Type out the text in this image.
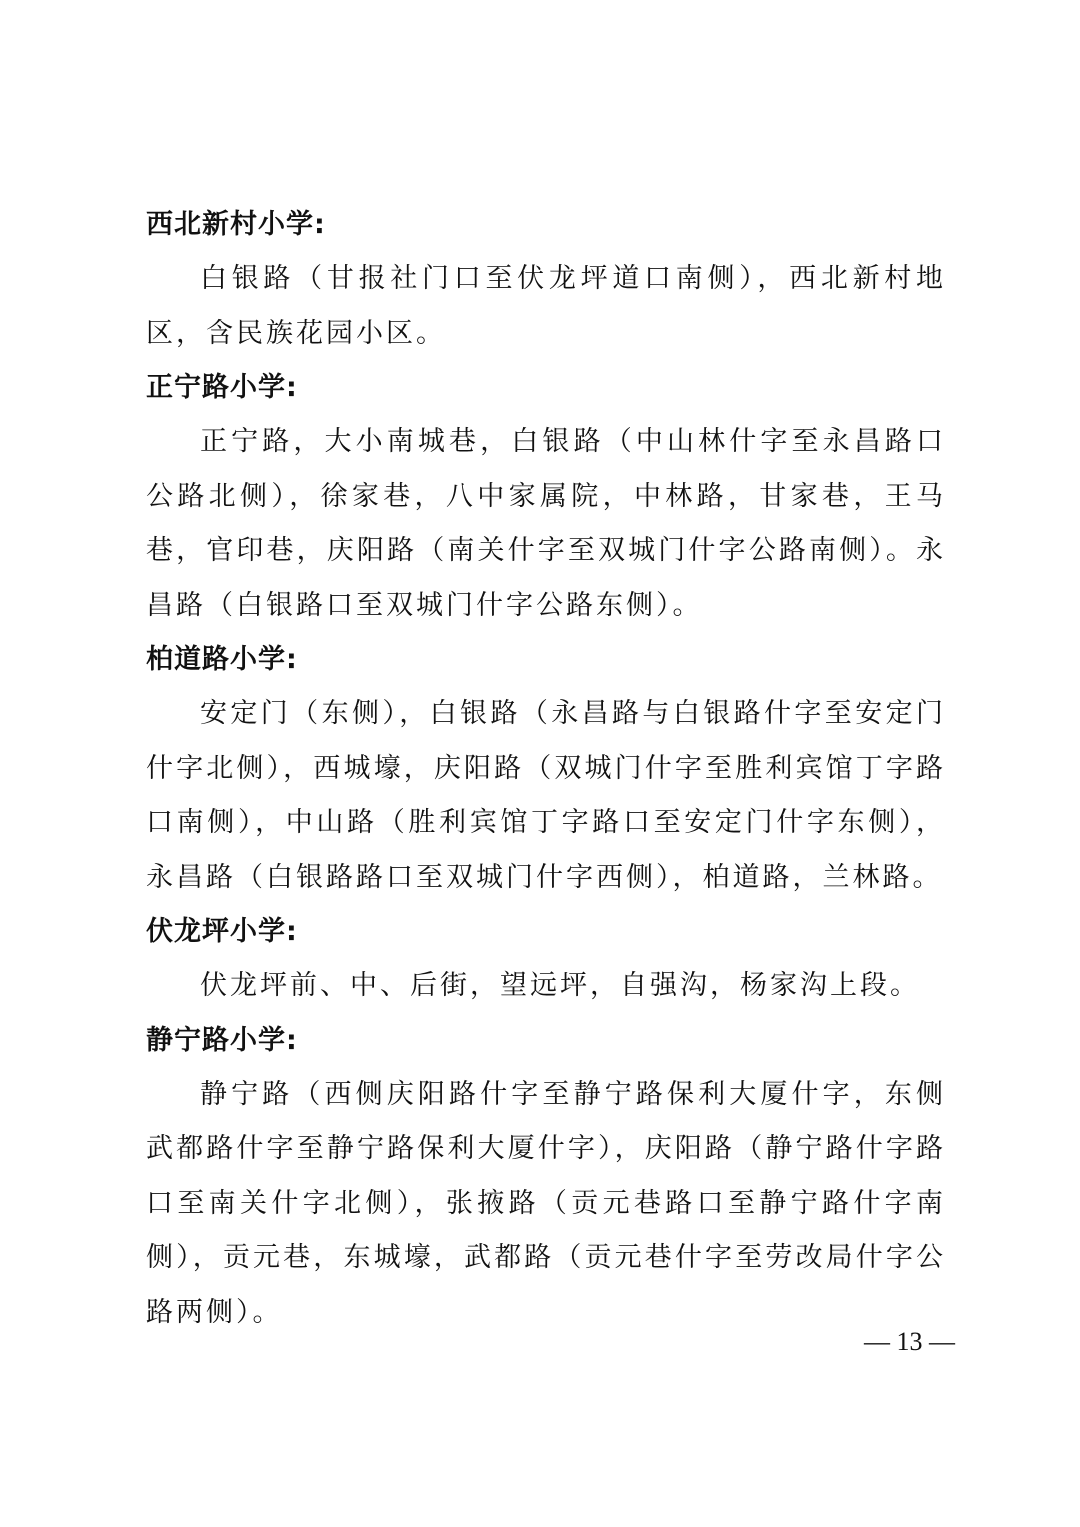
西北新村小学:

白银路（甘报社门口至伏龙坪道口南侧），西北新村地区，含民族花园小区。

正宁路小学:

正宁路，大小南城巷，白银路（中山林什字至永昌路口公路北侧），徐家巷，八中家属院，中林路，甘家巷，王马巷，官印巷，庆阳路（南关什字至双城门什字公路南侧）。永昌路（白银路口至双城门什字公路东侧）。

柏道路小学:

安定门（东侧），白银路（永昌路与白银路什字至安定门什字北侧），西城壕，庆阳路（双城门什字至胜利宾馆丁字路口南侧），中山路（胜利宾馆丁字路口至安定门什字东侧），永昌路（白银路路口至双城门什字西侧），柏道路，兰林路。

伏龙坪小学:

伏龙坪前、中、后街，望远坪，自强沟，杨家沟上段。

静宁路小学:

静宁路（西侧庆阳路什字至静宁路保利大厦什字，东侧武都路什字至静宁路保利大厦什字），庆阳路（静宁路什字路口至南关什字北侧），张掖路（贡元巷路口至静宁路什字南侧），贡元巷，东城壕，武都路（贡元巷什字至劳改局什字公路两侧）。

— 13 —
